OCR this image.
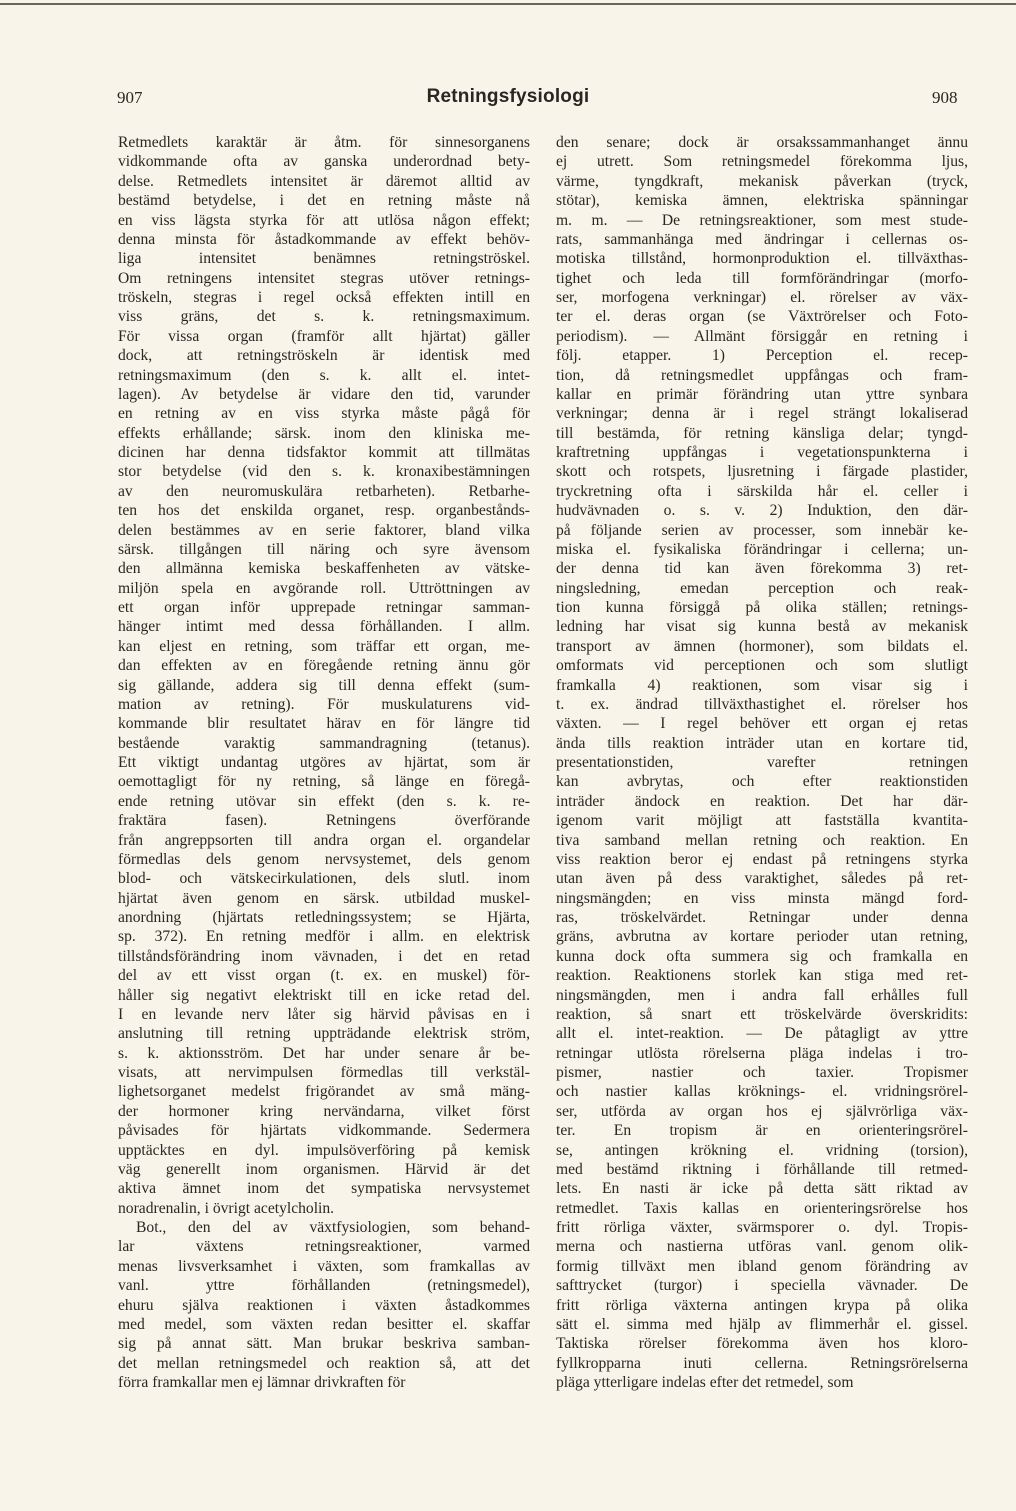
907	Retningsfysiologi	908
Retmedlets karaktär är åtm. för sinnesorganens
vidkommande ofta av ganska underordnad bety-
delse. Retmedlets intensitet är däremot alltid av
bestämd betydelse, i det en retning måste nå
en viss lägsta styrka för att utlösa någon effekt;
denna minsta för åstadkommande av effekt behöv-
liga intensitet benämnes retningströskel.
Om retningens intensitet stegras utöver retnings-
tröskeln, stegras i regel också effekten intill en
viss gräns, det s. k. retningsmaximum.
För vissa organ (framför allt hjärtat) gäller
dock, att retningströskeln är identisk med
retningsmaximum (den s. k. allt el. intet-
lagen). Av betydelse är vidare den tid, varunder
en retning av en viss styrka måste pågå för
effekts erhållande; särsk. inom den kliniska me-
dicinen har denna tidsfaktor kommit att tillmätas
stor betydelse (vid den s. k. kronaxibestämningen
av den neuromuskulära retbarheten). Retbarhe-
ten hos det enskilda organet, resp. organbestånds-
delen bestämmes av en serie faktorer, bland vilka
särsk. tillgången till näring och syre ävensom
den allmänna kemiska beskaffenheten av vätske-
miljön spela en avgörande roll. Uttröttningen av
ett organ inför upprepade retningar samman-
hänger intimt med dessa förhållanden. I allm.
kan eljest en retning, som träffar ett organ, me-
dan effekten av en föregående retning ännu gör
sig gällande, addera sig till denna effekt (sum-
mation av retning). För muskulaturens vid-
kommande blir resultatet härav en för längre tid
bestående varaktig sammandragning (tetanus).
Ett viktigt undantag utgöres av hjärtat, som är
oemottagligt för ny retning, så länge en föregå-
ende retning utövar sin effekt (den s. k. re-
fraktära fasen). Retningens överförande
från angreppsorten till andra organ el. organdelar
förmedlas dels genom nervsystemet, dels genom
blod- och vätskecirkulationen, dels slutl. inom
hjärtat även genom en särsk. utbildad muskel-
anordning (hjärtats retledningssystem; se Hjärta,
sp. 372). En retning medför i allm. en elektrisk
tillståndsförändring inom vävnaden, i det en retad
del av ett visst organ (t. ex. en muskel) för-
håller sig negativt elektriskt till en icke retad del.
I en levande nerv låter sig härvid påvisas en i
anslutning till retning uppträdande elektrisk ström,
s. k. aktionsström. Det har under senare år be-
visats, att nervimpulsen förmedlas till verkstäl-
lighetsorganet medelst frigörandet av små mäng-
der hormoner kring nervändarna, vilket först
påvisades för hjärtats vidkommande. Sedermera
upptäcktes en dyl. impulsöverföring på kemisk
väg generellt inom organismen. Härvid är det
aktiva ämnet inom det sympatiska nervsystemet
noradrenalin, i övrigt acetylcholin.
Bot., den del av växtfysiologien, som behand-
lar växtens retningsreaktioner, varmed
menas livsverksamhet i växten, som framkallas av
vanl. yttre förhållanden (retningsmedel),
ehuru själva reaktionen i växten åstadkommes
med medel, som växten redan besitter el. skaffar
sig på annat sätt. Man brukar beskriva samban-
det mellan retningsmedel och reaktion så, att det
förra framkallar men ej lämnar drivkraften för
den senare; dock är orsakssammanhanget ännu
ej utrett. Som retningsmedel förekomma ljus,
värme, tyngdkraft, mekanisk påverkan (tryck,
stötar), kemiska ämnen, elektriska spänningar
m. m. — De retningsreaktioner, som mest stude-
rats, sammanhänga med ändringar i cellernas os-
motiska tillstånd, hormonproduktion el. tillväxthas-
tighet och leda till formförändringar (morfo-
ser, morfogena verkningar) el. rörelser av väx-
ter el. deras organ (se Växtrörelser och Foto-
periodism). — Allmänt försiggår en retning i
följ. etapper. 1) Perception el. recep-
tion, då retningsmedlet uppfångas och fram-
kallar en primär förändring utan yttre synbara
verkningar; denna är i regel strängt lokaliserad
till bestämda, för retning känsliga delar; tyngd-
kraftretning uppfångas i vegetationspunkterna i
skott och rotspets, ljusretning i färgade plastider,
tryckretning ofta i särskilda hår el. celler i
hudvävnaden o. s. v. 2) Induktion, den där-
på följande serien av processer, som innebär ke-
miska el. fysikaliska förändringar i cellerna; un-
der denna tid kan även förekomma 3) ret-
ningsledning, emedan perception och reak-
tion kunna försiggå på olika ställen; retnings-
ledning har visat sig kunna bestå av mekanisk
transport av ämnen (hormoner), som bildats el.
omformats vid perceptionen och som slutligt
framkalla 4) reaktionen, som visar sig i
t. ex. ändrad tillväxthastighet el. rörelser hos
växten. — I regel behöver ett organ ej retas
ända tills reaktion inträder utan en kortare tid,
presentationstiden, varefter retningen
kan avbrytas, och efter reaktionstiden
inträder ändock en reaktion. Det har där-
igenom varit möjligt att fastställa kvantita-
tiva samband mellan retning och reaktion. En
viss reaktion beror ej endast på retningens styrka
utan även på dess varaktighet, således på ret-
ningsmängden; en viss minsta mängd ford-
ras, tröskelvärdet. Retningar under denna
gräns, avbrutna av kortare perioder utan retning,
kunna dock ofta summera sig och framkalla en
reaktion. Reaktionens storlek kan stiga med ret-
ningsmängden, men i andra fall erhålles full
reaktion, så snart ett tröskelvärde överskridits:
allt el. intet-reaktion. — De påtagligt av yttre
retningar utlösta rörelserna pläga indelas i tro-
pismer, nastier och taxier. Tropismer
och nastier kallas kröknings- el. vridningsrörel-
ser, utförda av organ hos ej självrörliga väx-
ter. En tropism är en orienteringsrörel-
se, antingen krökning el. vridning (torsion),
med bestämd riktning i förhållande till retmed-
lets. En nasti är icke på detta sätt riktad av
retmedlet. Taxis kallas en orienteringsrörelse hos
fritt rörliga växter, svärmsporer o. dyl. Tropis-
merna och nastierna utföras vanl. genom olik-
formig tillväxt men ibland genom förändring av
safttrycket (turgor) i speciella vävnader. De
fritt rörliga växterna antingen krypa på olika
sätt el. simma med hjälp av flimmerhår el. gissel.
Taktiska rörelser förekomma även hos kloro-
fyllkropparna inuti cellerna. Retningsrörelserna
pläga ytterligare indelas efter det retmedel, som
